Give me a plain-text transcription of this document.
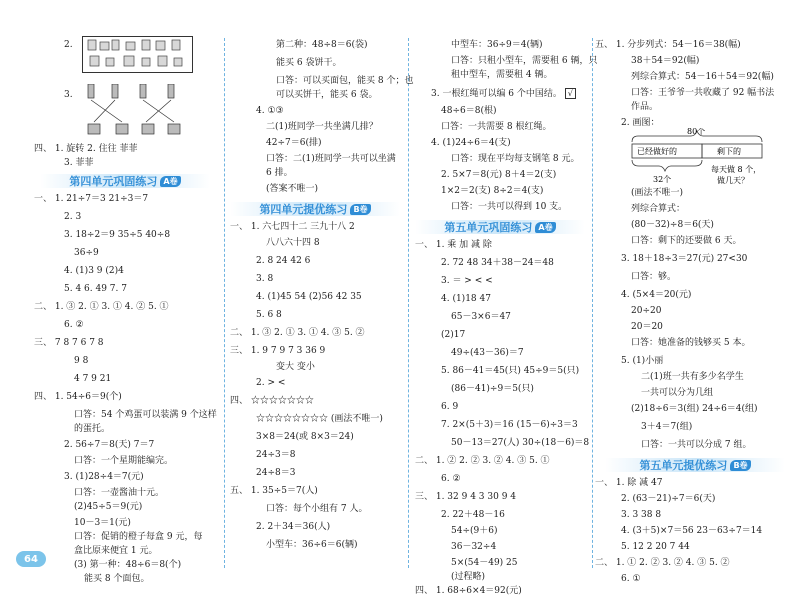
2.
3.
四、 1. 旋转 2. 住往 菲菲
3. 菲菲
第四单元巩固练习 A卷
一、 1. 21÷7＝3 21÷3＝7
2. 3
3. 18÷2＝9 35÷5 40÷8
36÷9
4. (1)3 9 (2)4
5. 4 6. 49 7. 7
二、 1. ③ 2. ① 3. ① 4. ② 5. ①
6. ②
三、 7 8 7 6 7 8
9 8
4 7 9 21
四、 1. 54÷6＝9(个)
口答：54 个鸡蛋可以装满 9 个这样
的蛋托。
2. 56÷7＝8(天) 7＝7
口答：一个星期能编完。
3. (1)28÷4＝7(元)
口答：一壶酱油十元。
(2)45÷5＝9(元)
10－3＝1(元)
口答：促销的橙子每盒 9 元，每
盒比原来便宜 1 元。
(3) 第一种：48÷6＝8(个)
能买 8 个面包。
第二种：48÷8＝6(袋)
能买 6 袋饼干。
口答：可以买面包，能买 8 个；也
可以买饼干，能买 6 袋。
4. ①③
二(1)班同学一共坐满几排？
42÷7＝6(排)
口答：二(1)班同学一共可以坐满
6 排。
(答案不唯一)
第四单元提优练习 B卷
一、 1. 六七四十二 三九十八 2
八八六十四 8
2. 8 24 42 6
3. 8
4. (1)45 54 (2)56 42 35
5. 6 8
二、 1. ③ 2. ① 3. ① 4. ③ 5. ②
三、 1. 9 7 9 7 3 36 9
变大 变小
2. > <
四、 ☆☆☆☆☆☆☆
☆☆☆☆☆☆☆☆ (画法不唯一)
3×8＝24(或 8×3＝24)
24÷3＝8
24÷8＝3
五、 1. 35÷5＝7(人)
口答：每个小组有 7 人。
2. 2＋34＝36(人)
小型车：36÷6＝6(辆)
中型车：36÷9＝4(辆)
口答：只租小型车，需要租 6 辆，只
租中型车，需要租 4 辆。
3. 一根红绳可以编 6 个中国结。 √
48÷6＝8(根)
口答：一共需要 8 根红绳。
4. (1)24÷6＝4(支)
口答：现在平均每支钢笔 8 元。
2. 5×7＝8(元) 8＋4＝2(支)
1×2＝2(支) 8÷2＝4(支)
口答：一共可以得到 10 支。
第五单元巩固练习 A卷
一、 1. 乘 加 减 除
2. 72 48 34＋38－24＝48
3. ＝ > < <
4. (1)18 47
65－3×6＝47
(2)17
49÷(43－36)＝7
5. 86－41＝45(只) 45÷9＝5(只)
(86－41)÷9＝5(只)
6. 9
7. 2×(5＋3)＝16 (15－6)÷3＝3
50－13＝27(人) 30÷(18－6)＝8
二、 1. ② 2. ② 3. ② 4. ③ 5. ①
6. ②
三、 1. 32 9 4 3 30 9 4
2. 22＋48－16
54÷(9＋6)
36－32÷4
5×(54－49) 25
(过程略)
四、 1. 68÷6×4＝92(元)
五、 1. 分步列式：54－16＝38(幅)
38＋54＝92(幅)
列综合算式：54－16＋54＝92(幅)
口答：王爷爷一共收藏了 92 幅书法
作品。
2. 画图：
80个
已经做好的	剩下的
32个
每天做 8 个，
做几天？
(画法不唯一)
列综合算式：
(80－32)÷8＝6(天)
口答：剩下的还要做 6 天。
3. 18＋18÷3＝27(元) 27<30
口答：够。
4. (5×4＝20(元)
20÷20
20＝20
口答：她准备的钱够买 5 本。
5. (1)小丽
二(1)班一共有多少名学生
一共可以分为几组
(2)18÷6＝3(组) 24÷6＝4(组)
3＋4＝7(组)
口答：一共可以分成 7 组。
第五单元提优练习 B卷
一、 1. 除 减 47
2. (63－21)÷7＝6(天)
3. 3 38 8
4. (3＋5)×7＝56 23－63÷7＝14
5. 12 2 20 7 44
二、 1. ① 2. ② 3. ② 4. ③ 5. ②
6. ①
64
